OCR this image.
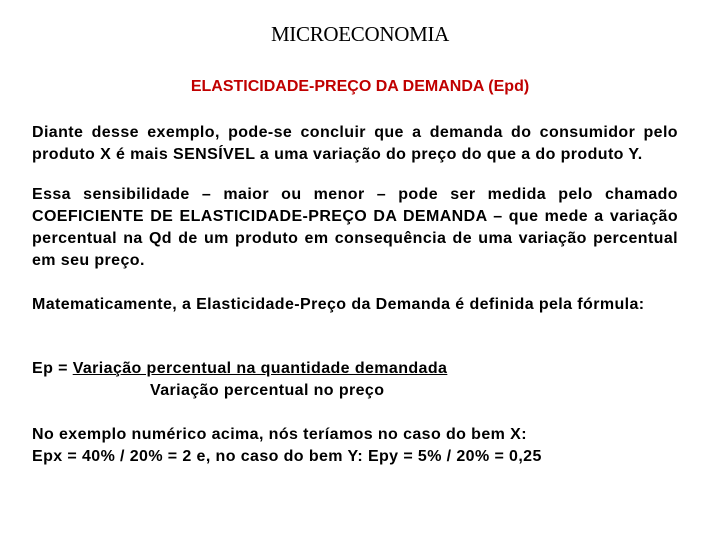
MICROECONOMIA
ELASTICIDADE-PREÇO DA DEMANDA (Epd)

Diante desse exemplo, pode-se concluir que a demanda do consumidor pelo produto X é mais SENSÍVEL a uma variação do preço do que a do produto Y.

Essa sensibilidade – maior ou menor – pode ser medida pelo chamado COEFICIENTE DE ELASTICIDADE-PREÇO DA DEMANDA – que mede a variação percentual na Qd de um produto em consequência de uma variação percentual em seu preço.

Matematicamente, a Elasticidade-Preço da Demanda é definida pela fórmula:

Ep = Variação percentual na quantidade demandada
Variação percentual no preço
No exemplo numérico acima, nós teríamos no caso do bem X:
Epx = 40% / 20% = 2 e, no caso do bem Y: Epy = 5% / 20% = 0,25
